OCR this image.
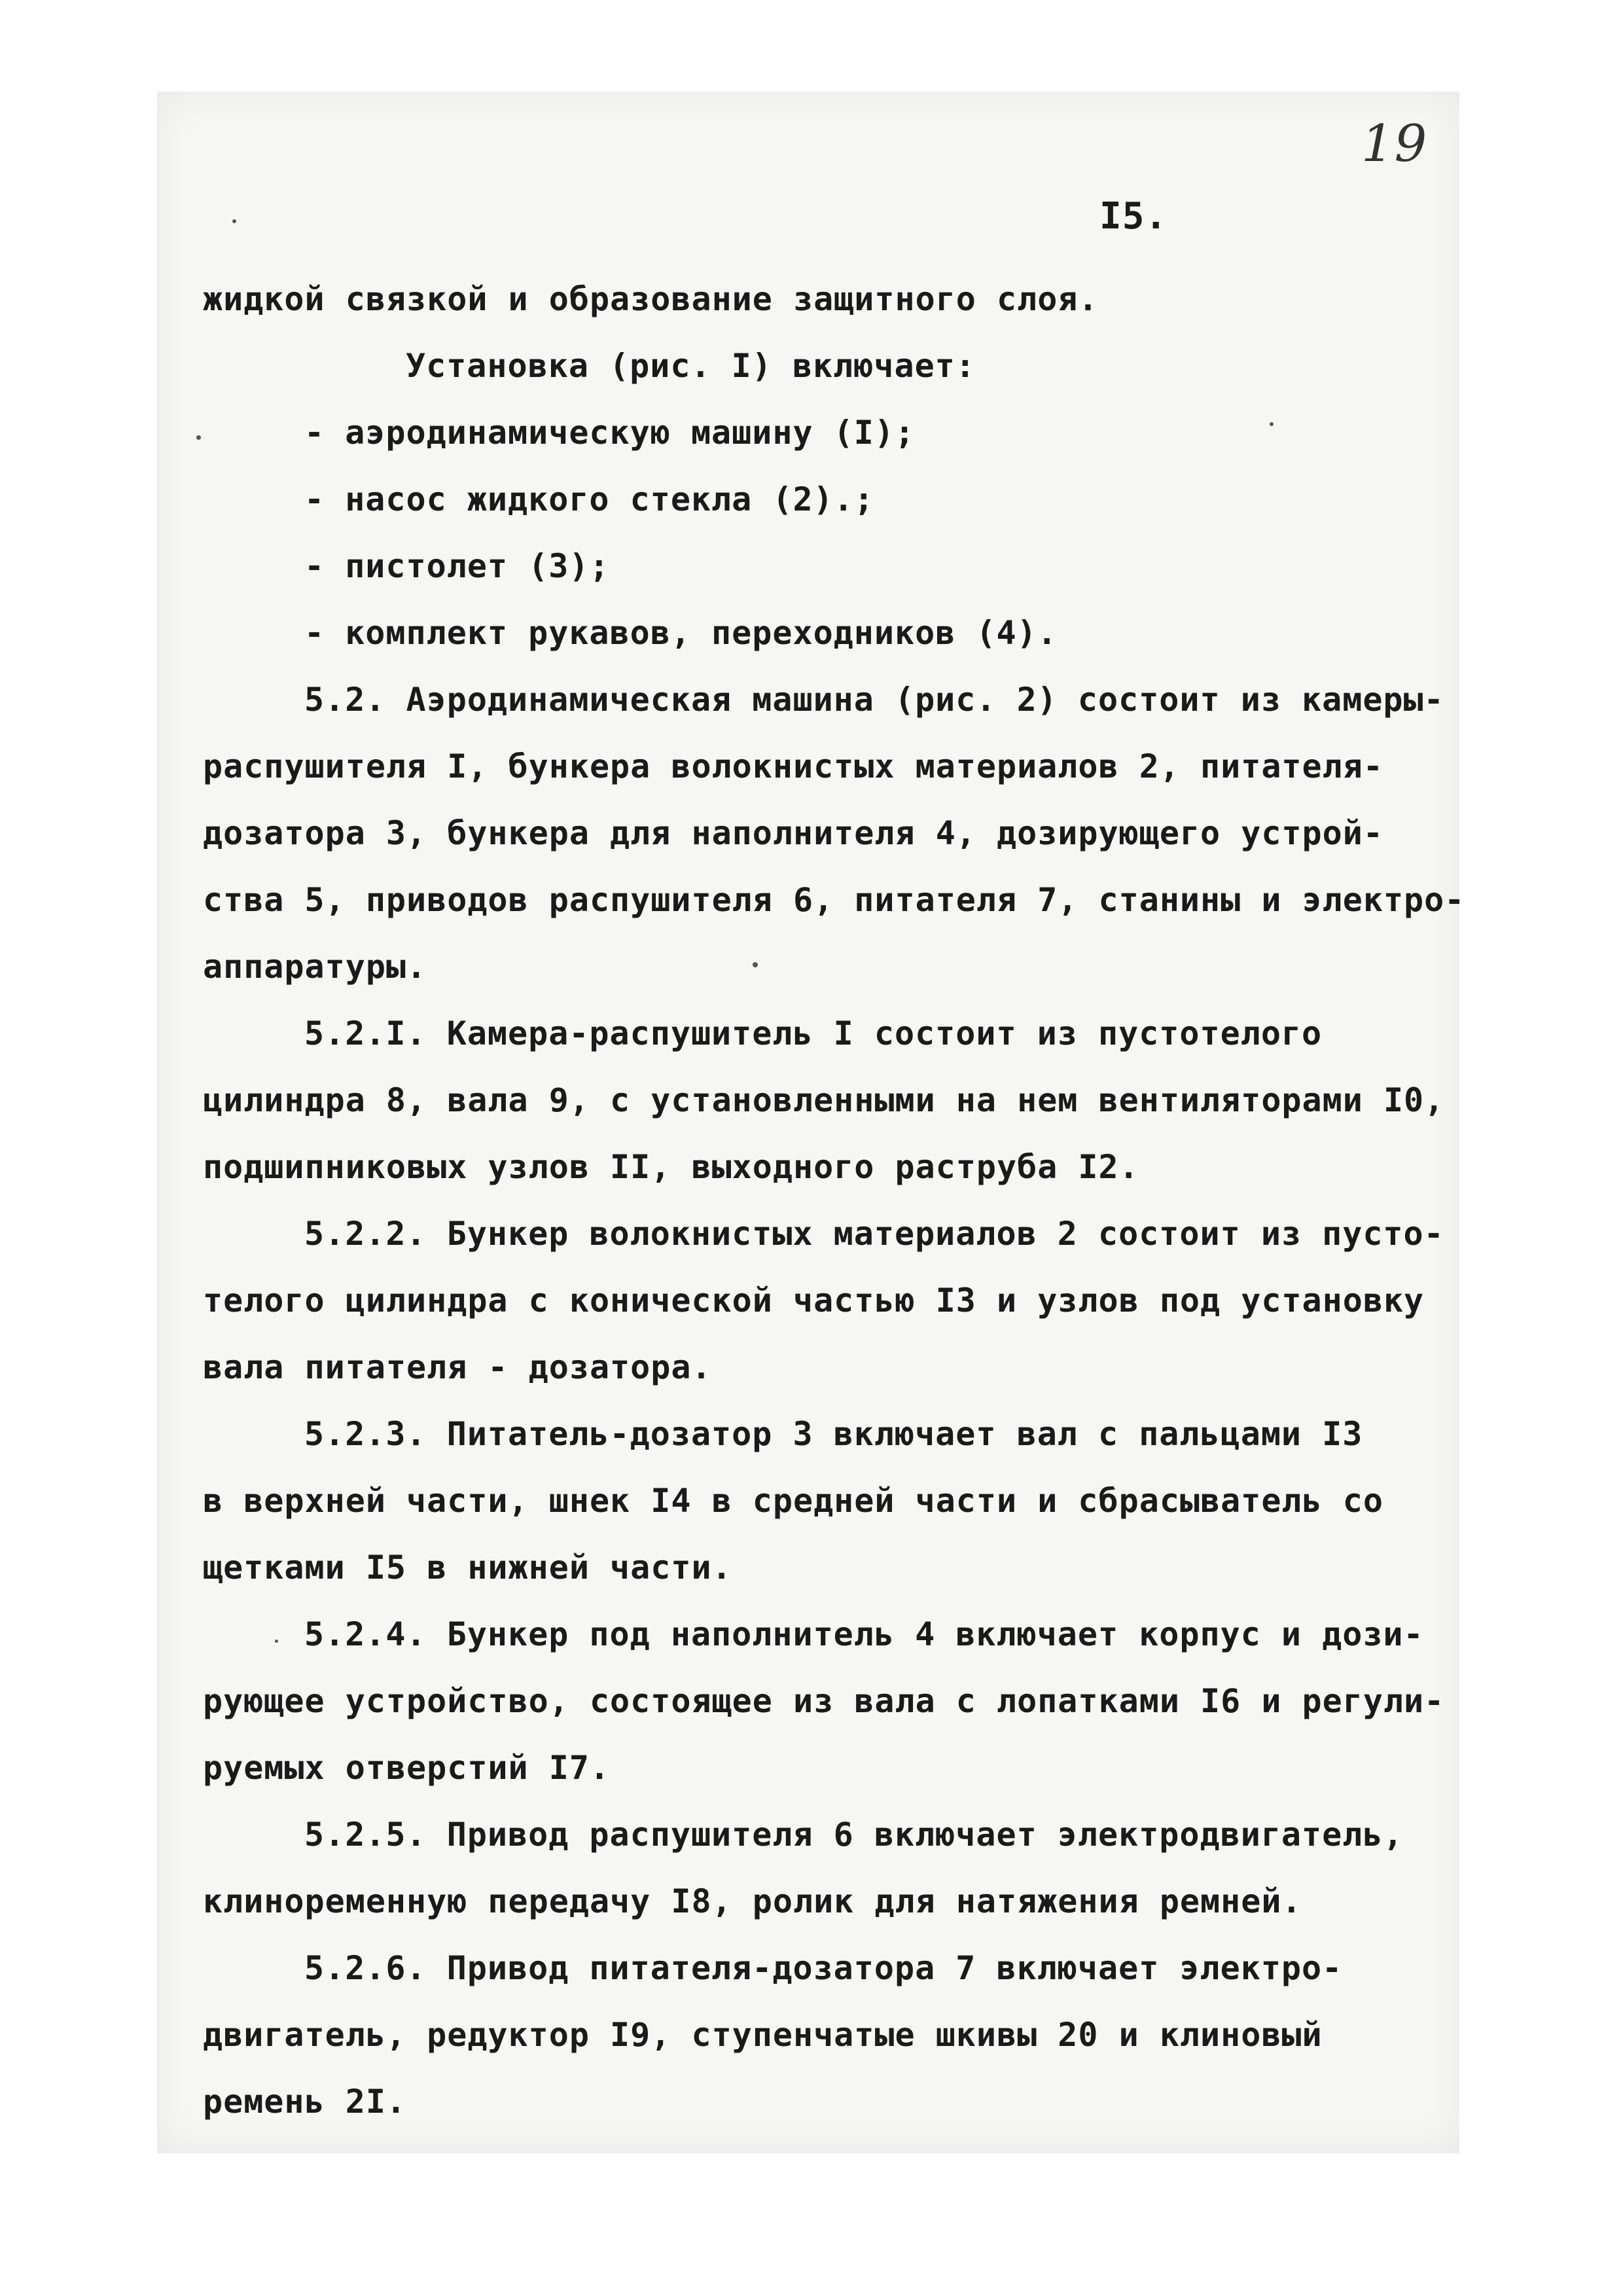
19
I5.
жидкой связкой и образование защитного слоя.
Установка (рис. I) включает:
- аэродинамическую машину (I);
- насос жидкого стекла (2).;
- пистолет (3);
- комплект рукавов, переходников (4).
5.2. Аэродинамическая машина (рис. 2) состоит из камеры-
распушителя I, бункера волокнистых материалов 2, питателя-
дозатора 3, бункера для наполнителя 4, дозирующего устрой-
ства 5, приводов распушителя 6, питателя 7, станины и электро-
аппаратуры.
5.2.I. Камера-распушитель I состоит из пустотелого
цилиндра 8, вала 9, с установленными на нем вентиляторами I0,
подшипниковых узлов II, выходного раструба I2.
5.2.2. Бункер волокнистых материалов 2 состоит из пусто-
телого цилиндра с конической частью I3 и узлов под установку
вала питателя - дозатора.
5.2.3. Питатель-дозатор 3 включает вал с пальцами I3
в верхней части, шнек I4 в средней части и сбрасыватель со
щетками I5 в нижней части.
5.2.4. Бункер под наполнитель 4 включает корпус и дози-
рующее устройство, состоящее из вала с лопатками I6 и регули-
руемых отверстий I7.
5.2.5. Привод распушителя 6 включает электродвигатель,
клиноременную передачу I8, ролик для натяжения ремней.
5.2.6. Привод питателя-дозатора 7 включает электро-
двигатель, редуктор I9, ступенчатые шкивы 20 и клиновый
ремень 2I.
